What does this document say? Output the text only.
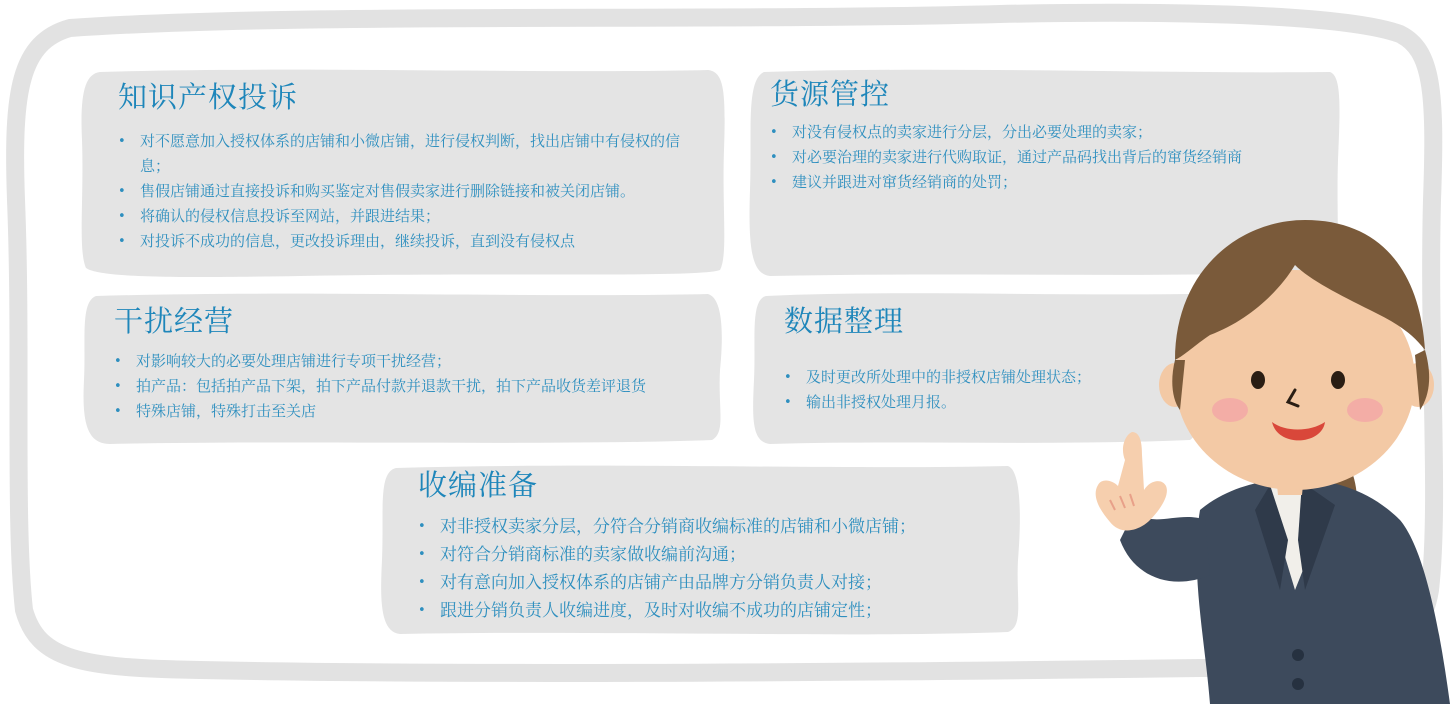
知识产权投诉
• 对不愿意加入授权体系的店铺和小微店铺，进行侵权判断，找出店铺中有侵权的信息；
• 售假店铺通过直接投诉和购买鉴定对售假卖家进行删除链接和被关闭店铺。
• 将确认的侵权信息投诉至网站，并跟进结果；
• 对投诉不成功的信息，更改投诉理由，继续投诉，直到没有侵权点
货源管控
• 对没有侵权点的卖家进行分层，分出必要处理的卖家；
• 对必要治理的卖家进行代购取证，通过产品码找出背后的窜货经销商
• 建议并跟进对窜货经销商的处罚；
干扰经营
• 对影响较大的必要处理店铺进行专项干扰经营；
• 拍产品：包括拍产品下架，拍下产品付款并退款干扰，拍下产品收货差评退货
• 特殊店铺，特殊打击至关店
数据整理
• 及时更改所处理中的非授权店铺处理状态；
• 输出非授权处理月报。
收编准备
• 对非授权卖家分层，分符合分销商收编标准的店铺和小微店铺；
• 对符合分销商标准的卖家做收编前沟通；
• 对有意向加入授权体系的店铺产由品牌方分销负责人对接；
• 跟进分销负责人收编进度，及时对收编不成功的店铺定性；
